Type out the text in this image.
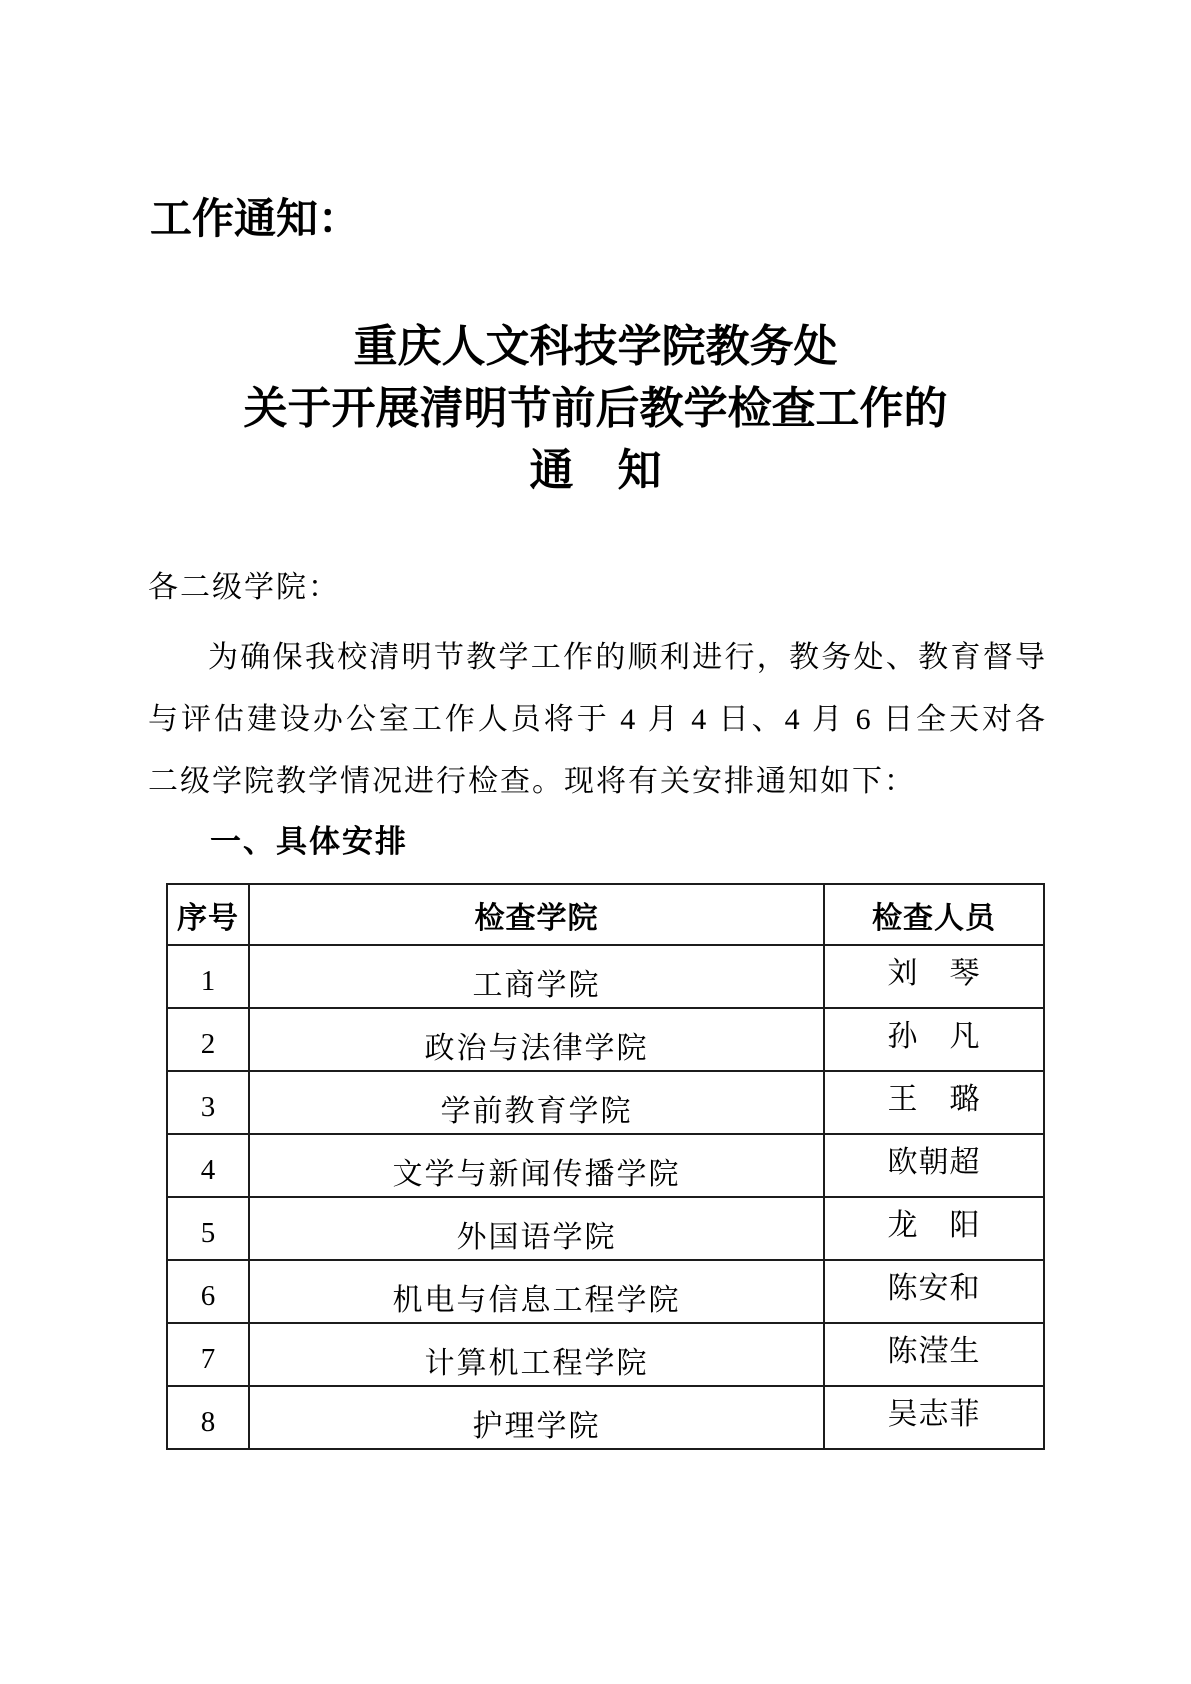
工作通知：
重庆人文科技学院教务处
关于开展清明节前后教学检查工作的
通　知
各二级学院：
为确保我校清明节教学工作的顺利进行，教务处、教育督导与评估建设办公室工作人员将于 4 月 4 日、4 月 6 日全天对各二级学院教学情况进行检查。现将有关安排通知如下：
一、具体安排
序号	检查学院	检查人员
1	工商学院	刘　琴
2	政治与法律学院	孙　凡
3	学前教育学院	王　璐
4	文学与新闻传播学院	欧朝超
5	外国语学院	龙　阳
6	机电与信息工程学院	陈安和
7	计算机工程学院	陈滢生
8	护理学院	吴志菲
